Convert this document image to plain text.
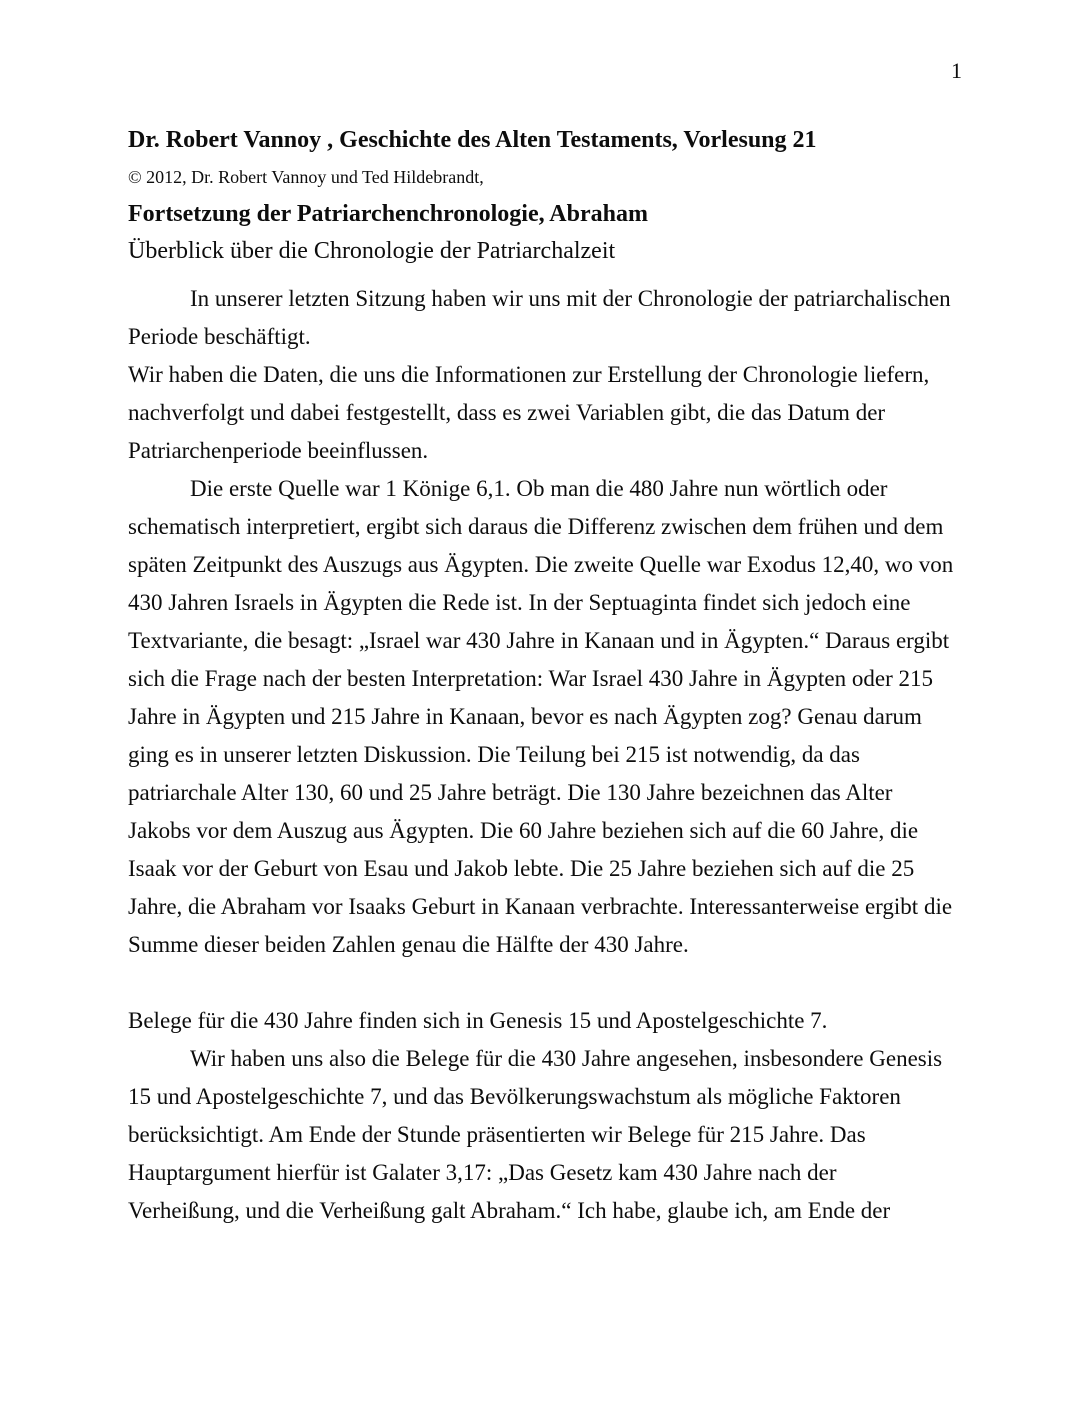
1
Dr. Robert Vannoy , Geschichte des Alten Testaments, Vorlesung 21
© 2012, Dr. Robert Vannoy und Ted Hildebrandt,
Fortsetzung der Patriarchenchronologie, Abraham
Überblick über die Chronologie der Patriarchalzeit
In unserer letzten Sitzung haben wir uns mit der Chronologie der patriarchalischen
Periode beschäftigt.
Wir haben die Daten, die uns die Informationen zur Erstellung der Chronologie liefern,
nachverfolgt und dabei festgestellt, dass es zwei Variablen gibt, die das Datum der
Patriarchenperiode beeinflussen.
Die erste Quelle war 1 Könige 6,1. Ob man die 480 Jahre nun wörtlich oder
schematisch interpretiert, ergibt sich daraus die Differenz zwischen dem frühen und dem
späten Zeitpunkt des Auszugs aus Ägypten. Die zweite Quelle war Exodus 12,40, wo von
430 Jahren Israels in Ägypten die Rede ist. In der Septuaginta findet sich jedoch eine
Textvariante, die besagt: „Israel war 430 Jahre in Kanaan und in Ägypten.“ Daraus ergibt
sich die Frage nach der besten Interpretation: War Israel 430 Jahre in Ägypten oder 215
Jahre in Ägypten und 215 Jahre in Kanaan, bevor es nach Ägypten zog? Genau darum
ging es in unserer letzten Diskussion. Die Teilung bei 215 ist notwendig, da das
patriarchale Alter 130, 60 und 25 Jahre beträgt. Die 130 Jahre bezeichnen das Alter
Jakobs vor dem Auszug aus Ägypten. Die 60 Jahre beziehen sich auf die 60 Jahre, die
Isaak vor der Geburt von Esau und Jakob lebte. Die 25 Jahre beziehen sich auf die 25
Jahre, die Abraham vor Isaaks Geburt in Kanaan verbrachte. Interessanterweise ergibt die
Summe dieser beiden Zahlen genau die Hälfte der 430 Jahre.

Belege für die 430 Jahre finden sich in Genesis 15 und Apostelgeschichte 7.
Wir haben uns also die Belege für die 430 Jahre angesehen, insbesondere Genesis
15 und Apostelgeschichte 7, und das Bevölkerungswachstum als mögliche Faktoren
berücksichtigt. Am Ende der Stunde präsentierten wir Belege für 215 Jahre. Das
Hauptargument hierfür ist Galater 3,17: „Das Gesetz kam 430 Jahre nach der
Verheißung, und die Verheißung galt Abraham.“ Ich habe, glaube ich, am Ende der
